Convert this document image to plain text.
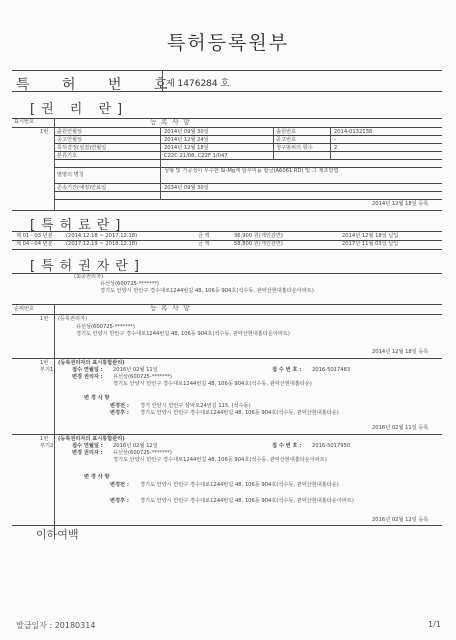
특허등록원부
특 허 번 호
제 1476284 호
[권 리 란]
표시번호	등 록 사 항
1번 출원연월일	2014년 09월 30일	출원번호	2014-0132138
공고연월일	2014년 12월 24일	공고번호	-
특허결정(심결)연월일	2014년 12월 18일	청구범위의 항수	2
분류기호	C22C 21/08, C22F 1/047
발명의 명칭
성형 및 가공성이 우수한 Si-Mg계 알루미늄 합금(A6061 RD) 및 그 제조방법
존속기간(예정)만료일	2034년 09월 30일
2014년 12월 18일 등록
[특허료란]
제 01 - 03 년분	(2014.12.18 ~ 2017.12.18)	금 액	36,900 원(개인감면)	2014년 12월 18일 납입
제 04 - 04 년분	(2017.12.19 ~ 2018.12.18)	금 액	58,800 원(개인감면)	2017년 11월 03일 납입
[특허권자란]
(최종권리자)
유선상(600725-*******)
경기도 안양시 만안구 경수대로1244번길 48, 106동 904호(석수동, 관악산현대홈타운아파트)
순위번호	등 록 사 항
1번 (등록권리자)
유선상(600725-*******)
경기도 안양시 만안구 경수대로1244번길 48, 106동 904호(석수동, 관악산현대홈타운아파트)
2014년 12월 18일 등록
1번
부기1
(등록권리자의 표시통합관리)
접수 연월일 : 2016년 02월 11일	접 수 번 호 : 2016-5017483
변경 권리자 : 유선상(600725-*******)
경기도 안양시 만안구 경수대로1244번길 48, 106동 904호(석수동, 관악산현대홈타운)
변 경 사 항
변경전 : 경기 안양시 만안구 삼막로24번길 115, (석수동)
변경후 : 경기도 안양시 만안구 경수대로1244번길 48, 106동 904호(석수동, 관악산현대홈타운)
2016년 02월 11일 등록
1번
부기2
(등록권리자의 표시통합관리)
접수 연월일 : 2016년 02월 12일	접 수 번 호 : 2016-5017950
변경 권리자 : 유선상(600725-*******)
경기도 안양시 만안구 경수대로1244번길 48, 106동 904호(석수동, 관악산현대홈타운아파트)
변 경 사 항
변경전 : 경기도 안양시 만안구 경수대로1244번길 48, 106동 904호(석수동, 관악산현대홈타운)
변경후 : 경기도 안양시 만안구 경수대로1244번길 48, 106동 904호(석수동, 관악산현대홈타운아파트)
2016년 02월 12일 등록
이하여백
발급일자 : 20180314	1/1
